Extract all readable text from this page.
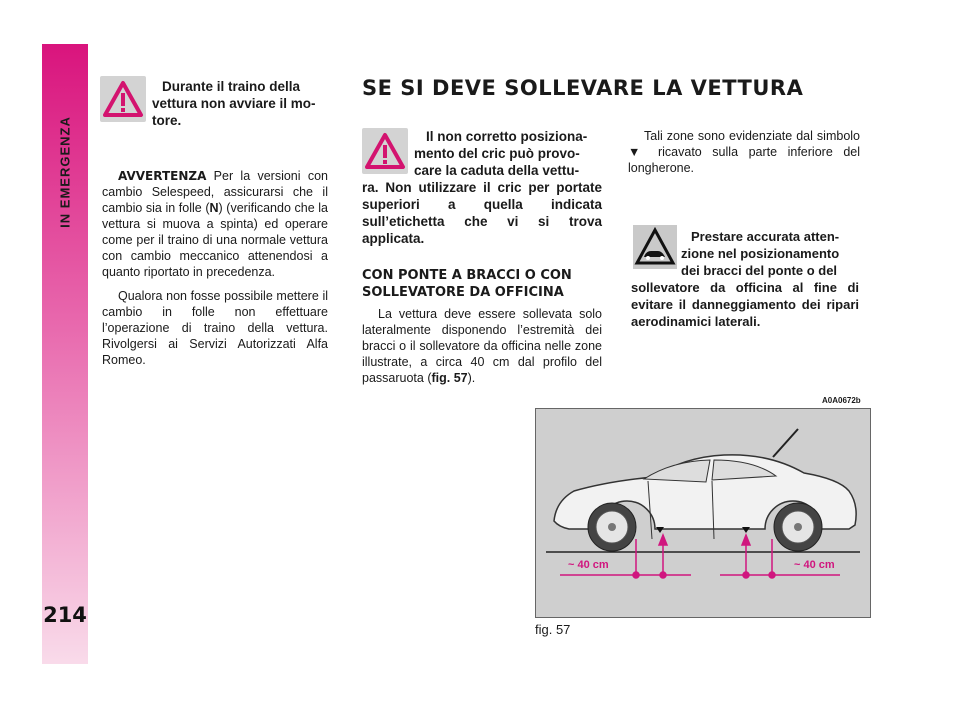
IN EMERGENZA
214
Durante il traino della
vettura non avviare il mo-
tore.

AVVERTENZA Per la versioni con cambio Selespeed, assicurarsi che il cambio sia in folle (N) (verificando che la vettura si muova a spinta) ed operare come per il traino di una normale vettura con cambio meccanico attenendosi a quanto riportato in precedenza.

Qualora non fosse possibile mettere il cambio in folle non effettuare l’operazione di traino della vettura. Rivolgersi ai Servizi Autorizzati Alfa Romeo.

SE SI DEVE SOLLEVARE LA VETTURA
Il non corretto posiziona-
mento del cric può provo-
care la caduta della vettu-
ra. Non utilizzare il cric per portate superiori a quella indicata sull’etichetta che vi si trova applicata.
CON PONTE A BRACCI O CON SOLLEVATORE DA OFFICINA

La vettura deve essere sollevata solo lateralmente disponendo l’estremità dei bracci o il sollevatore da officina nelle zone illustrate, a circa 40 cm dal profilo del passaruota (fig. 57).

Tali zone sono evidenziate dal simbolo ▼ ricavato sulla parte inferiore del longherone.

Prestare accurata atten-
zione nel posizionamento
dei bracci del ponte o del
sollevatore da officina al fine di evitare il danneggiamento dei ripari aerodinamici laterali.
A0A0672b
~ 40 cm	~ 40 cm
fig. 57
